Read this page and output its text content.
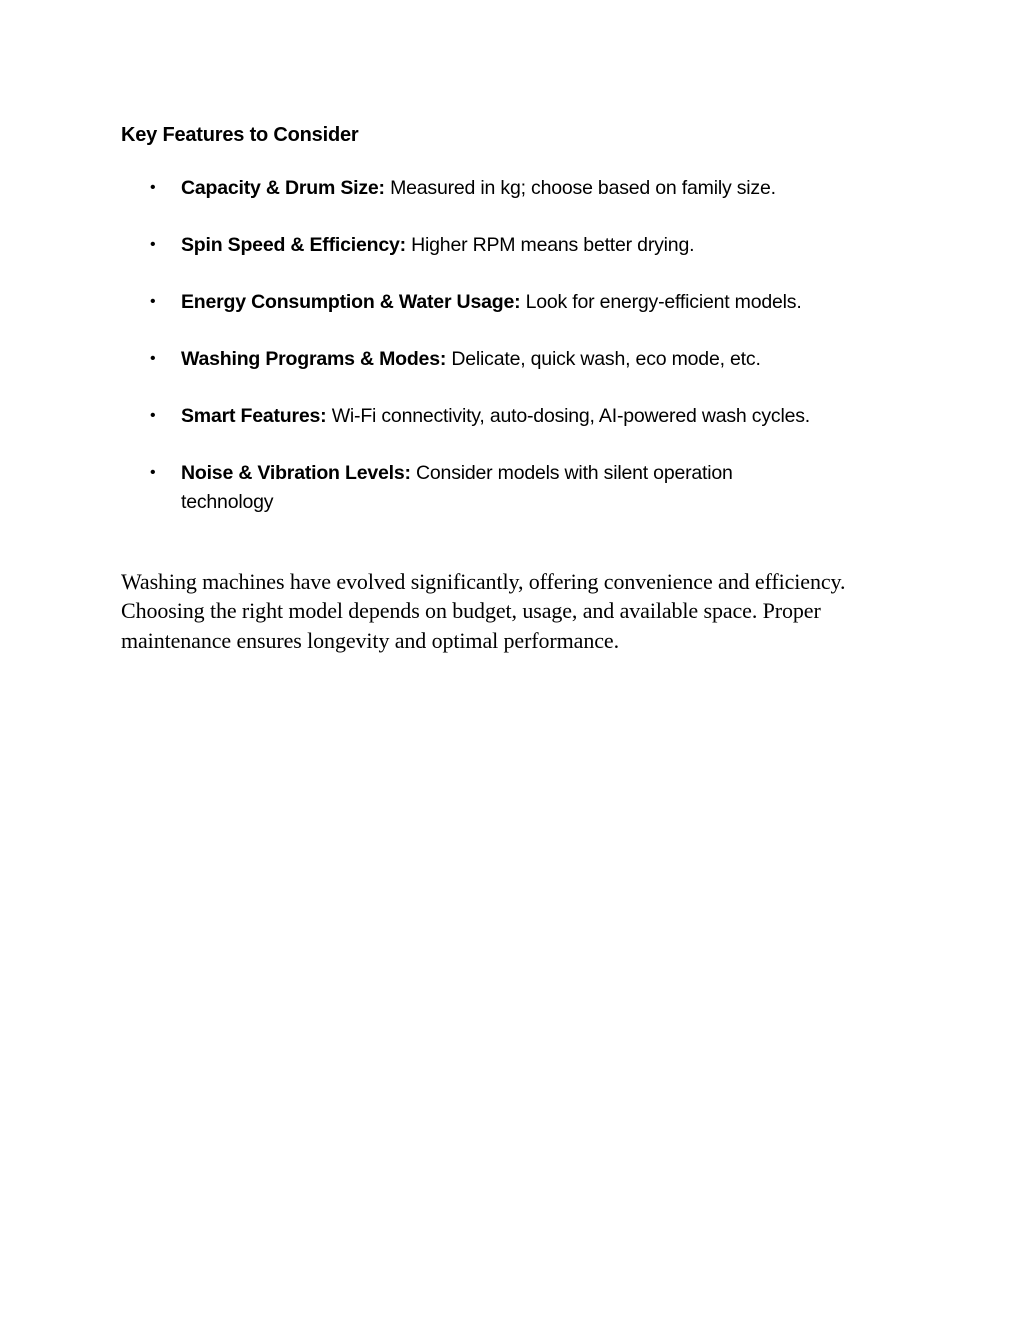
Key Features to Consider
• Capacity & Drum Size: Measured in kg; choose based on family size.
• Spin Speed & Efficiency: Higher RPM means better drying.
• Energy Consumption & Water Usage: Look for energy-efficient models.
• Washing Programs & Modes: Delicate, quick wash, eco mode, etc.
• Smart Features: Wi-Fi connectivity, auto-dosing, AI-powered wash cycles.
• Noise & Vibration Levels: Consider models with silent operation technology

Washing machines have evolved significantly, offering convenience and efficiency. Choosing the right model depends on budget, usage, and available space. Proper maintenance ensures longevity and optimal performance.
